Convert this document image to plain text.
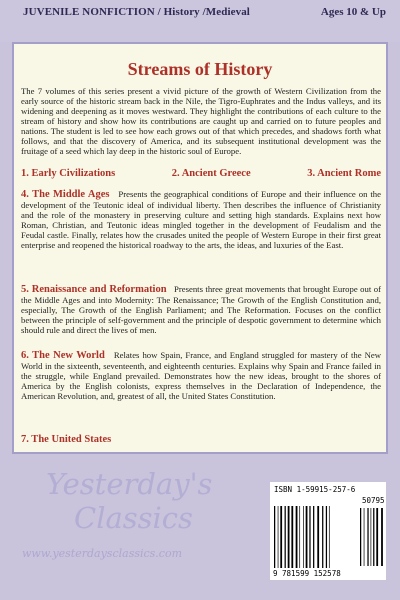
JUVENILE NONFICTION / History /Medieval	Ages 10 & Up
Streams of History
The 7 volumes of this series present a vivid picture of the growth of Western Civilization from the early source of the historic stream back in the Nile, the Tigro-Euphrates and the Indus valleys, and its widening and deepening as it moves westward. They highlight the contributions of each culture to the stream of history and show how its contributions are caught up and carried on to future peoples and nations. The student is led to see how each grows out of that which precedes, and shadows forth what follows, and that the discovery of America, and its subsequent institutional development was the fruitage of a seed which lay deep in the historic soul of Europe.
1. Early Civilizations	2. Ancient Greece	3. Ancient Rome
4. The Middle Ages Presents the geographical conditions of Europe and their influence on the development of the Teutonic ideal of individual liberty. Then describes the influence of Christianity and the role of the monastery in preserving culture and setting high standards. Explains next how Roman, Christian, and Teutonic ideas mingled together in the development of Feudalism and the Feudal castle. Finally, relates how the crusades united the people of Western Europe in their first great enterprise and reopened the historical roadway to the arts, the ideas, and luxuries of the East.
5. Renaissance and Reformation Presents three great movements that brought Europe out of the Middle Ages and into Modernity: The Renaissance; The Growth of the English Constitution and, especially, The Growth of the English Parliament; and The Reformation. Focuses on the conflict between the principle of self-government and the principle of despotic government to determine which should rule and direct the lives of men.
6. The New World Relates how Spain, France, and England struggled for mastery of the New World in the sixteenth, seventeenth, and eighteenth centuries. Explains why Spain and France failed in the struggle, while England prevailed. Demonstrates how the new ideas, brought to the shores of America by the English colonists, express themselves in the Declaration of Independence, the American Revolution, and, greatest of all, the United States Constitution.
7. The United States
Yesterday's
Classics
www.yesterdaysclassics.com
ISBN 1-59915-257-6
50795
9 781599 152578
